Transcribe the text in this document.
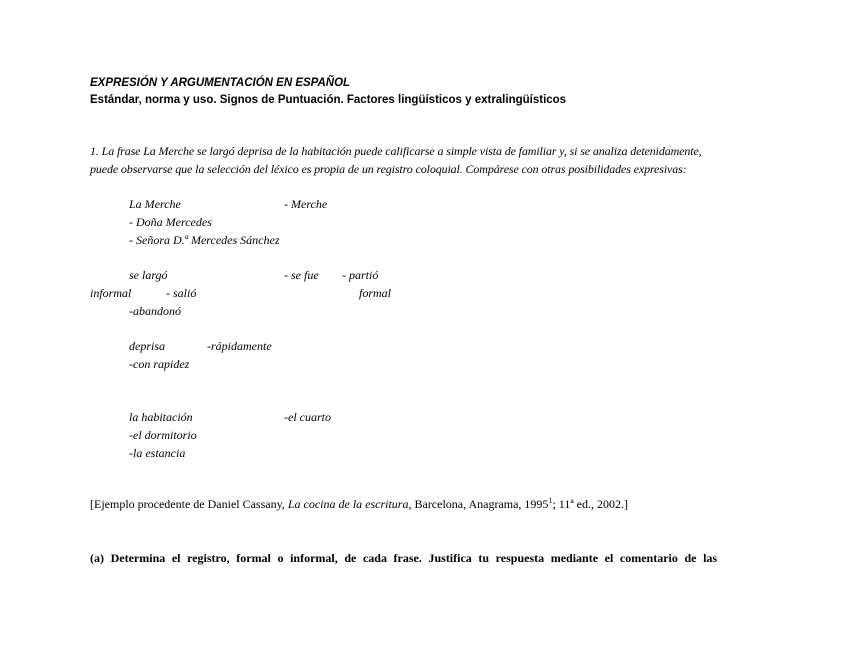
EXPRESIÓN Y ARGUMENTACIÓN EN ESPAÑOL
Estándar, norma y uso. Signos de Puntuación. Factores lingüísticos y extralingüísticos
1. La frase La Merche se largó deprisa de la habitación puede calificarse a simple vista de familiar y, si se analiza detenidamente,
puede observarse que la selección del léxico es propia de un registro coloquial. Compárese con otras posibilidades expresivas:
La Merche	- Merche
- Doña Mercedes
- Señora D.ª Mercedes Sánchez
se largó	- se fue - partió
informal	- salió	formal
-abandonó
deprisa	-rápidamente
-con rapidez
la habitación	-el cuarto
-el dormitorio
-la estancia
[Ejemplo procedente de Daniel Cassany, La cocina de la escritura, Barcelona, Anagrama, 1995$^1$; 11ª ed., 2002.]
(a) Determina el registro, formal o informal, de cada frase. Justifica tu respuesta mediante el comentario de las
